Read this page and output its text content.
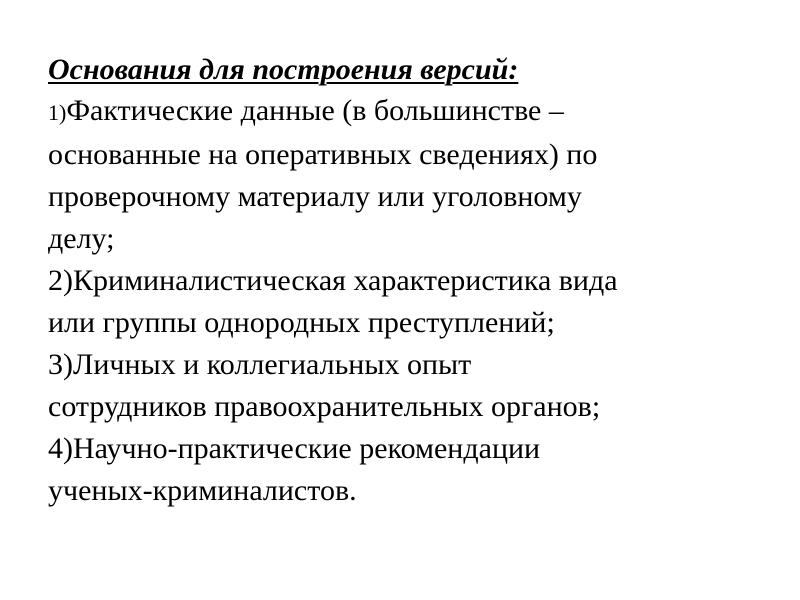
Основания для построения версий:
1)Фактические данные (в большинстве –
основанные на оперативных сведениях) по
проверочному материалу или уголовному
делу;
2)Криминалистическая характеристика вида
или группы однородных преступлений;
3)Личных и коллегиальных опыт
сотрудников правоохранительных органов;
4)Научно-практические рекомендации
ученых-криминалистов.
